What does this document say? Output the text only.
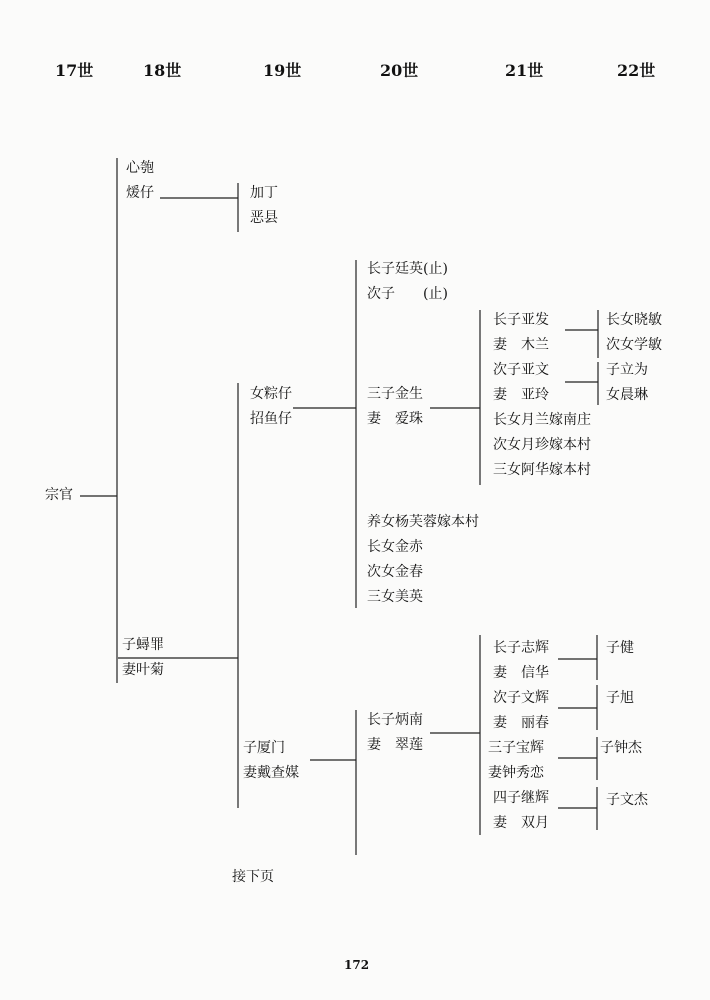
17世	18世	19世	20世	21世	22世
宗官
心匏
煖仔
子蟳罪
妻叶菊
加丁
恶县
女粽仔
招鱼仔
子厦门
妻戴查媒
长子廷英(止)
次子　　(止)
三子金生
妻　爱珠
养女杨芙蓉嫁本村
长女金赤
次女金春
三女美英
长子炳南
妻　翠莲
长子亚发
妻　木兰
次子亚文
妻　亚玲
长女月兰嫁南庄
次女月珍嫁本村
三女阿华嫁本村
长子志辉
妻　信华
次子文辉
妻　丽春
三子宝辉
妻钟秀恋
四子继辉
妻　双月
长女晓敏
次女学敏
子立为
女晨琳
子健
子旭
子钟杰
子文杰
接下页
172
